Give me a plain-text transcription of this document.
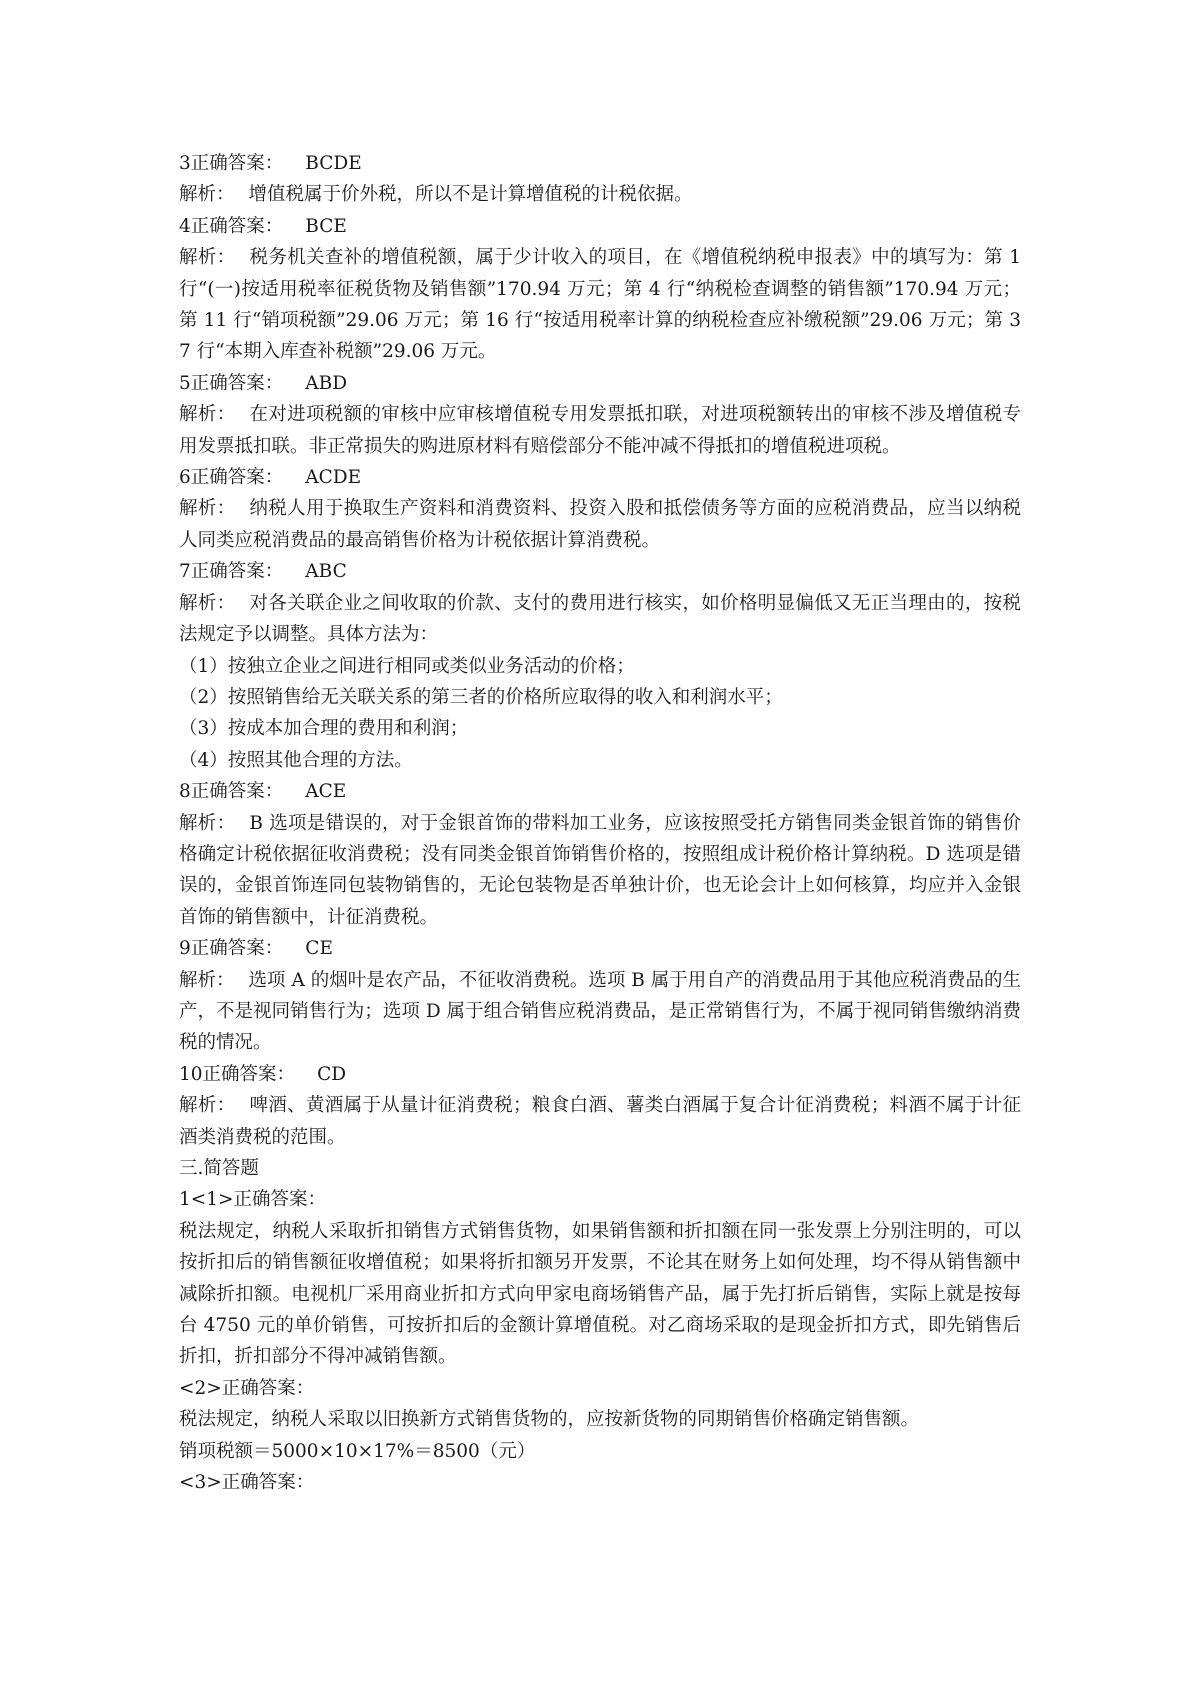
3正确答案： BCDE

解析： 增值税属于价外税，所以不是计算增值税的计税依据。

4正确答案： BCE

解析： 税务机关查补的增值税额，属于少计收入的项目，在《增值税纳税申报表》中的填写为：第 1 行“(一)按适用税率征税货物及销售额”170.94 万元；第 4 行“纳税检查调整的销售额”170.94 万元；第 11 行“销项税额”29.06 万元；第 16 行“按适用税率计算的纳税检查应补缴税额”29.06 万元；第 37 行“本期入库查补税额”29.06 万元。

5正确答案： ABD

解析： 在对进项税额的审核中应审核增值税专用发票抵扣联，对进项税额转出的审核不涉及增值税专用发票抵扣联。非正常损失的购进原材料有赔偿部分不能冲减不得抵扣的增值税进项税。

6正确答案： ACDE

解析： 纳税人用于换取生产资料和消费资料、投资入股和抵偿债务等方面的应税消费品，应当以纳税人同类应税消费品的最高销售价格为计税依据计算消费税。

7正确答案： ABC

解析： 对各关联企业之间收取的价款、支付的费用进行核实，如价格明显偏低又无正当理由的，按税法规定予以调整。具体方法为：

（1）按独立企业之间进行相同或类似业务活动的价格；

（2）按照销售给无关联关系的第三者的价格所应取得的收入和利润水平；

（3）按成本加合理的费用和利润；

（4）按照其他合理的方法。

8正确答案： ACE

解析： B 选项是错误的，对于金银首饰的带料加工业务，应该按照受托方销售同类金银首饰的销售价格确定计税依据征收消费税；没有同类金银首饰销售价格的，按照组成计税价格计算纳税。D 选项是错误的，金银首饰连同包装物销售的，无论包装物是否单独计价，也无论会计上如何核算，均应并入金银首饰的销售额中，计征消费税。

9正确答案： CE

解析： 选项 A 的烟叶是农产品，不征收消费税。选项 B 属于用自产的消费品用于其他应税消费品的生产，不是视同销售行为；选项 D 属于组合销售应税消费品，是正常销售行为，不属于视同销售缴纳消费税的情况。

10正确答案： CD

解析： 啤酒、黄酒属于从量计征消费税；粮食白酒、薯类白酒属于复合计征消费税；料酒不属于计征酒类消费税的范围。

三.简答题

1<1>正确答案：

税法规定，纳税人采取折扣销售方式销售货物，如果销售额和折扣额在同一张发票上分别注明的，可以按折扣后的销售额征收增值税；如果将折扣额另开发票，不论其在财务上如何处理，均不得从销售额中减除折扣额。电视机厂采用商业折扣方式向甲家电商场销售产品，属于先打折后销售，实际上就是按每台 4750 元的单价销售，可按折扣后的金额计算增值税。对乙商场采取的是现金折扣方式，即先销售后折扣，折扣部分不得冲减销售额。

<2>正确答案：

税法规定，纳税人采取以旧换新方式销售货物的，应按新货物的同期销售价格确定销售额。

销项税额＝5000×10×17%＝8500（元）

<3>正确答案：
